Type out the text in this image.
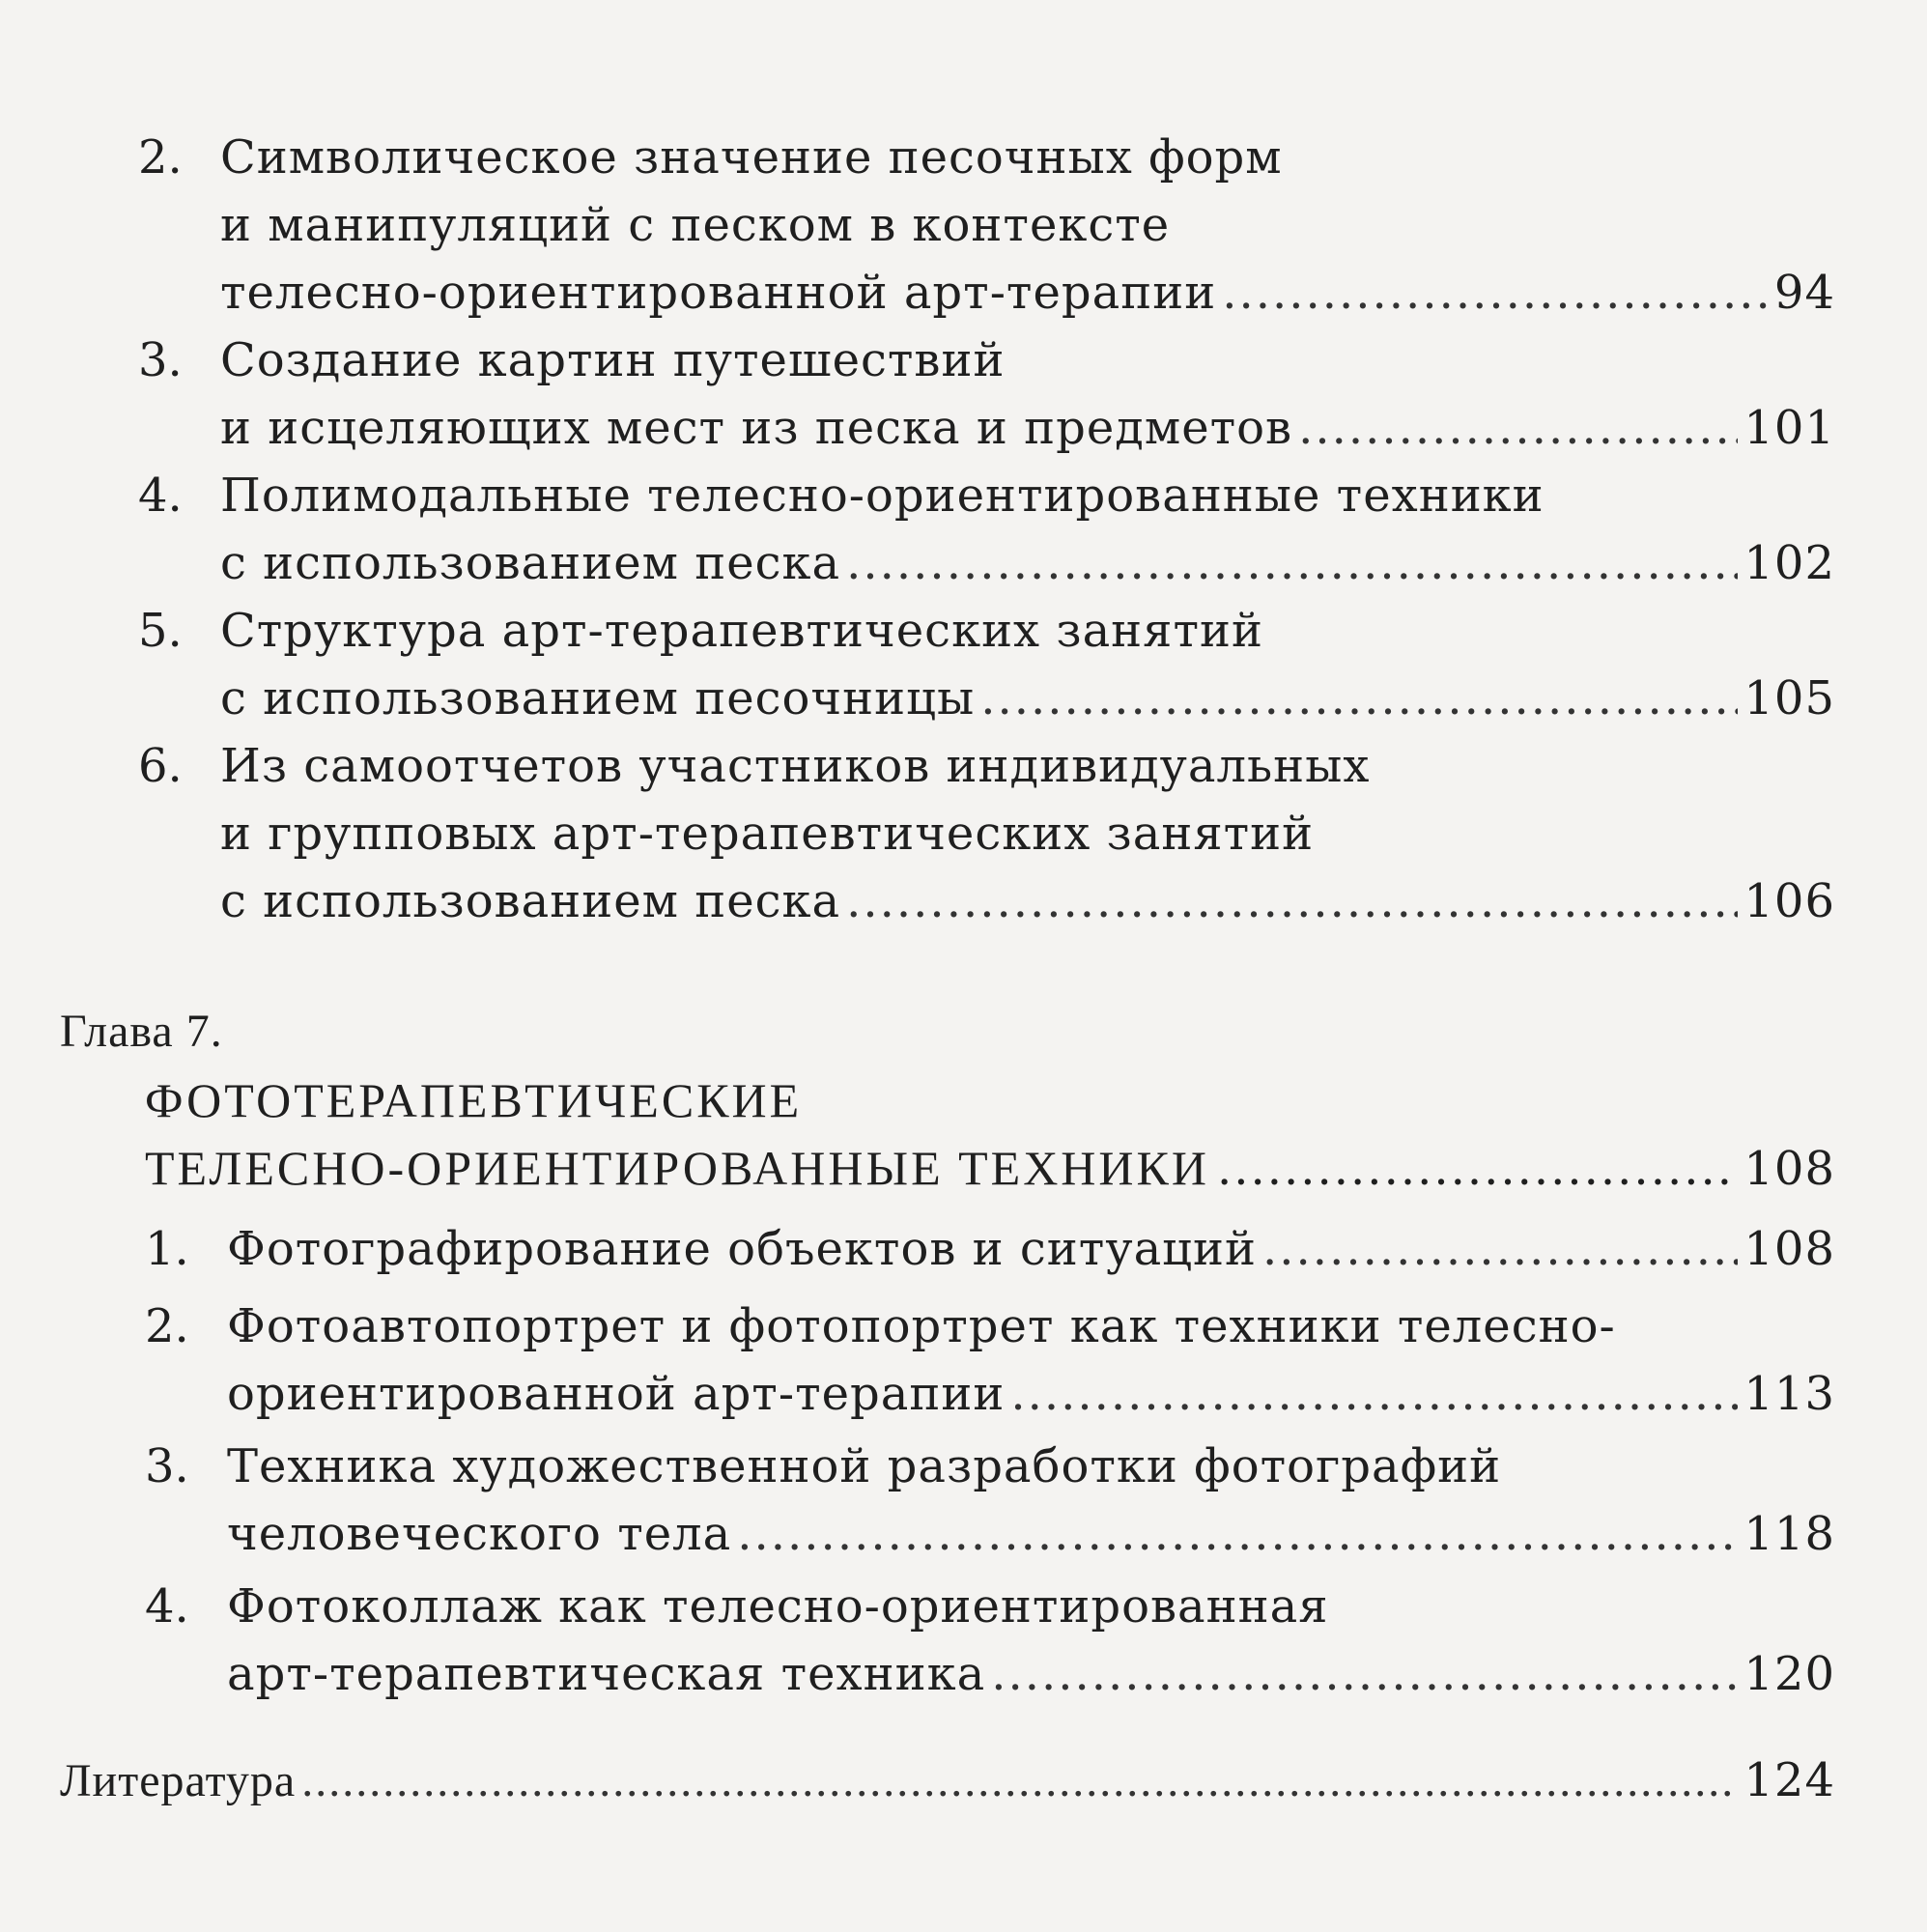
2. Символическое значение песочных форм
и манипуляций с песком в контексте
телесно-ориентированной арт-терапии .....	94
3. Создание картин путешествий
и исцеляющих мест из песка и предметов .....	101
4. Полимодальные телесно-ориентированные техники
с использованием песка .....	102
5. Структура арт-терапевтических занятий
с использованием песочницы .....	105
6. Из самоотчетов участников индивидуальных
и групповых арт-терапевтических занятий
с использованием песка .....	106
Глава 7.
ФОТОТЕРАПЕВТИЧЕСКИЕ
ТЕЛЕСНО-ОРИЕНТИРОВАННЫЕ ТЕХНИКИ .....	108
1. Фотографирование объектов и ситуаций .....	108
2. Фотоавтопортрет и фотопортрет как техники телесно-
ориентированной арт-терапии .....	113
3. Техника художественной разработки фотографий
человеческого тела .....	118
4. Фотоколлаж как телесно-ориентированная
арт-терапевтическая техника .....	120
Литература .....	124
